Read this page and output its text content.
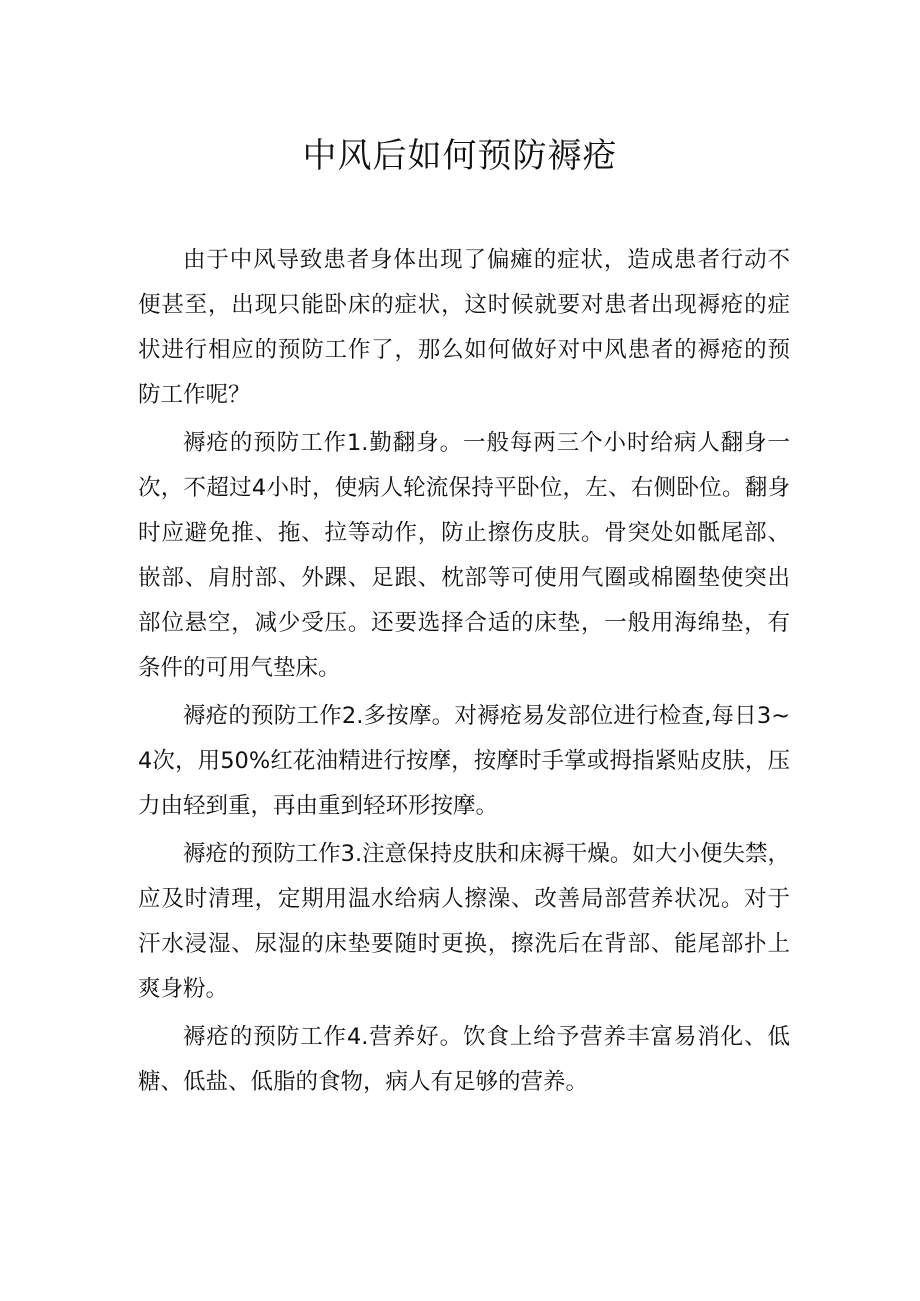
中风后如何预防褥疮

由于中风导致患者身体出现了偏瘫的症状，造成患者行动不便甚至，出现只能卧床的症状，这时候就要对患者出现褥疮的症状进行相应的预防工作了，那么如何做好对中风患者的褥疮的预防工作呢？

褥疮的预防工作1.勤翻身。一般每两三个小时给病人翻身一次，不超过4小时，使病人轮流保持平卧位，左、右侧卧位。翻身时应避免推、拖、拉等动作，防止擦伤皮肤。骨突处如骶尾部、嵌部、肩肘部、外踝、足跟、枕部等可使用气圈或棉圈垫使突出部位悬空，减少受压。还要选择合适的床垫，一般用海绵垫，有条件的可用气垫床。

褥疮的预防工作2.多按摩。对褥疮易发部位进行检查,每日3~4次，用50%红花油精进行按摩，按摩时手掌或拇指紧贴皮肤，压力由轻到重，再由重到轻环形按摩。

褥疮的预防工作3.注意保持皮肤和床褥干燥。如大小便失禁，应及时清理，定期用温水给病人擦澡、改善局部营养状况。对于汗水浸湿、尿湿的床垫要随时更换，擦洗后在背部、能尾部扑上爽身粉。

褥疮的预防工作4.营养好。饮食上给予营养丰富易消化、低糖、低盐、低脂的食物，病人有足够的营养。
